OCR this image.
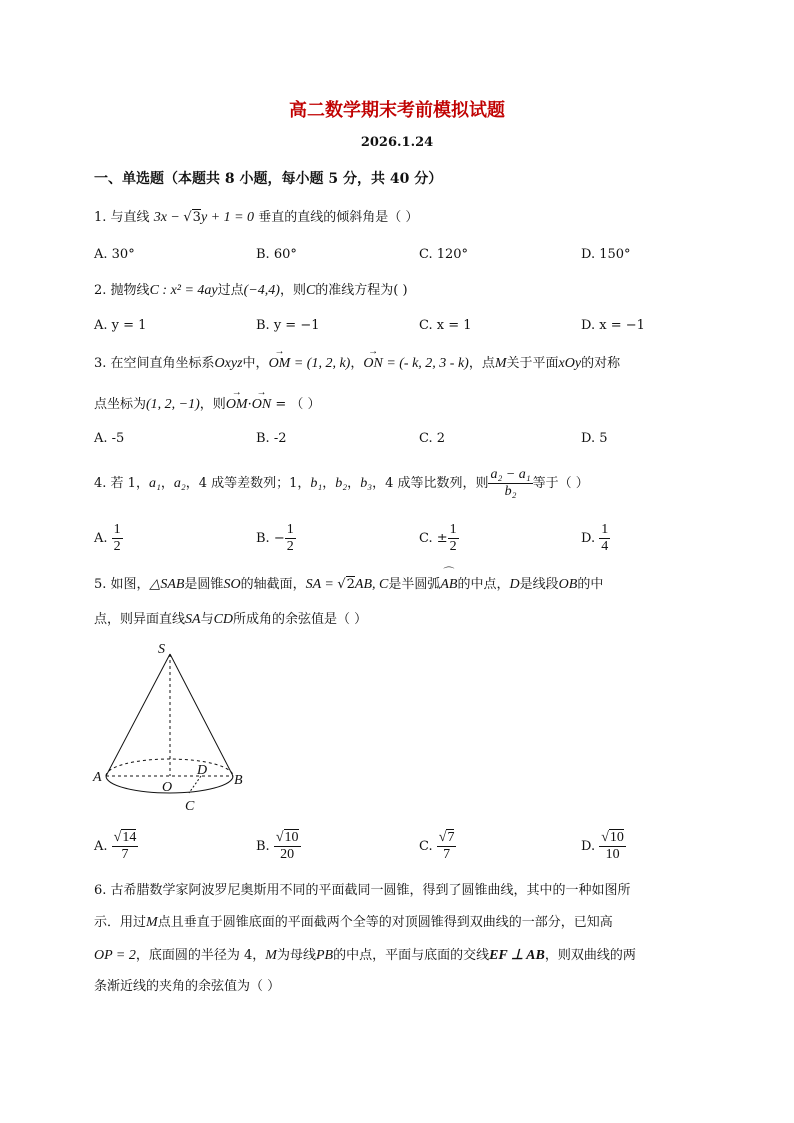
高二数学期末考前模拟试题
2026.1.24
一、单选题（本题共 8 小题，每小题 5 分，共 40 分）
1. 与直线 3x − √3y + 1 = 0 垂直的直线的倾斜角是（ ）
A. 30°	B. 60°	C. 120°	D. 150°
2. 抛物线C : x² = 4ay过点(−4,4)，则C的准线方程为( )
A. y = 1	B. y = −1	C. x = 1	D. x = −1
3. 在空间直角坐标系Oxyz中，→ OM = (1, 2, k)，→ ON = (- k, 2, 3 - k)，点M关于平面xOy的对称
点坐标为(1, 2, −1)，则→ OM·→ ON = （ ）
A. -5	B. -2	C. 2	D. 5
4. 若 1，a₁，a₂，4 成等差数列；1，b₁，b₂，b₃，4 成等比数列，则 $\frac{\text{a₂ − a₁}}{\text{b₂}}$ 等于（ ）
A. $\frac{1}{2}$	B. − $\frac{1}{2}$	C. ± $\frac{1}{2}$	D. $\frac{1}{4}$
5. 如图，△SAB是圆锥SO的轴截面，SA = √2AB, C是半圆弧⌒ AB的中点，D是线段OB的中
点，则异面直线SA与CD所成角的余弦值是（ ）
S
A	B
O
D
C
A. $\frac{√14}{7}$	B. $\frac{√10}{20}$	C. $\frac{√7}{7}$	D. $\frac{√10}{10}$
6. 古希腊数学家阿波罗尼奥斯用不同的平面截同一圆锥，得到了圆锥曲线，其中的一种如图所
示．用过M点且垂直于圆锥底面的平面截两个全等的对顶圆锥得到双曲线的一部分，已知高
OP = 2，底面圆的半径为 4，M为母线PB的中点，平面与底面的交线EF ⊥ AB，则双曲线的两
条渐近线的夹角的余弦值为（ ）
